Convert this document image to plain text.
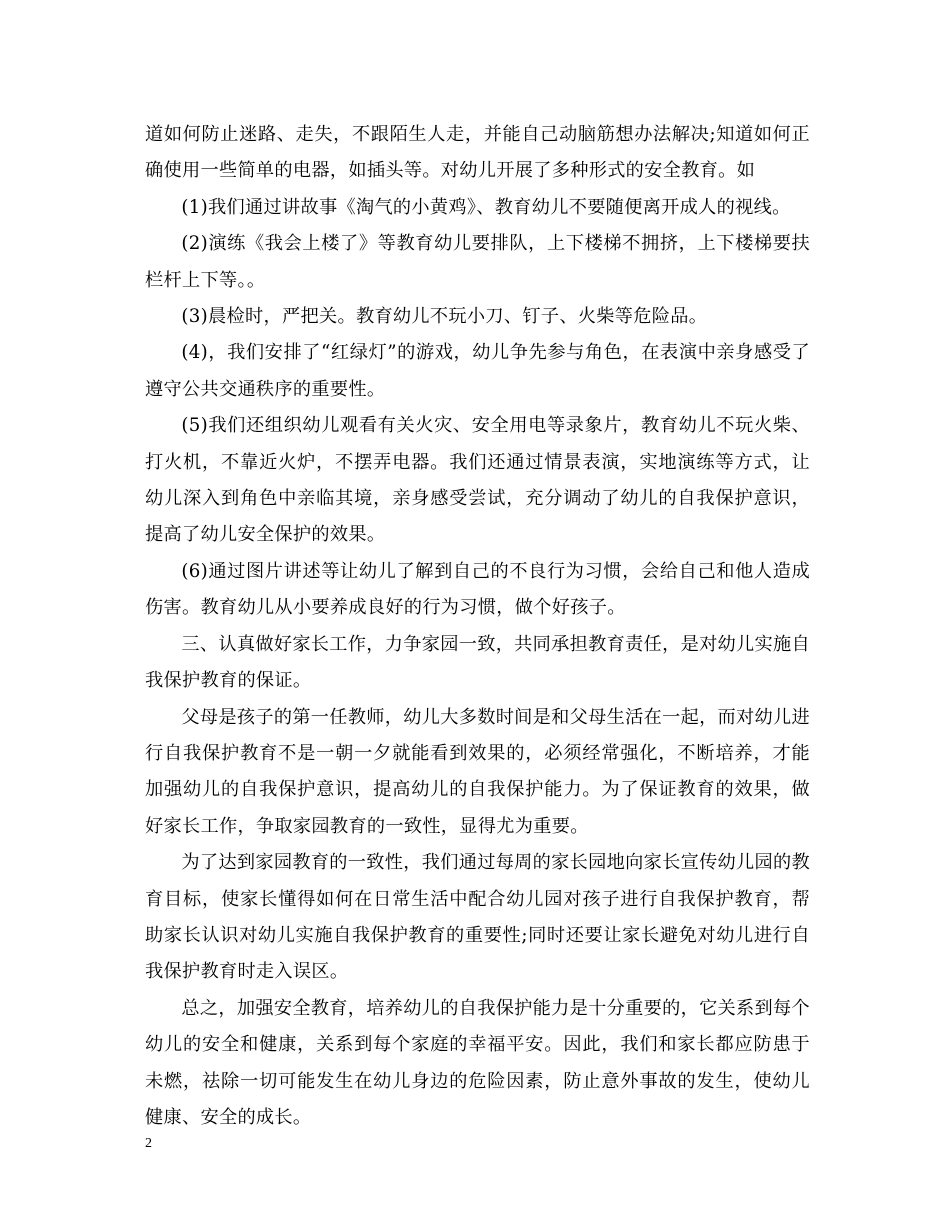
道如何防止迷路、走失，不跟陌生人走，并能自己动脑筋想办法解决;知道如何正确使用一些简单的电器，如插头等。对幼儿开展了多种形式的安全教育。如

(1)我们通过讲故事《淘气的小黄鸡》、教育幼儿不要随便离开成人的视线。

(2)演练《我会上楼了》等教育幼儿要排队，上下楼梯不拥挤，上下楼梯要扶栏杆上下等。。

(3)晨检时，严把关。教育幼儿不玩小刀、钉子、火柴等危险品。

(4)，我们安排了“红绿灯”的游戏，幼儿争先参与角色，在表演中亲身感受了遵守公共交通秩序的重要性。

(5)我们还组织幼儿观看有关火灾、安全用电等录象片，教育幼儿不玩火柴、打火机，不靠近火炉，不摆弄电器。我们还通过情景表演，实地演练等方式，让幼儿深入到角色中亲临其境，亲身感受尝试，充分调动了幼儿的自我保护意识，提高了幼儿安全保护的效果。

(6)通过图片讲述等让幼儿了解到自己的不良行为习惯，会给自己和他人造成伤害。教育幼儿从小要养成良好的行为习惯，做个好孩子。

三、认真做好家长工作，力争家园一致，共同承担教育责任，是对幼儿实施自我保护教育的保证。

父母是孩子的第一任教师，幼儿大多数时间是和父母生活在一起，而对幼儿进行自我保护教育不是一朝一夕就能看到效果的，必须经常强化，不断培养，才能加强幼儿的自我保护意识，提高幼儿的自我保护能力。为了保证教育的效果，做好家长工作，争取家园教育的一致性，显得尤为重要。

为了达到家园教育的一致性，我们通过每周的家长园地向家长宣传幼儿园的教育目标，使家长懂得如何在日常生活中配合幼儿园对孩子进行自我保护教育，帮助家长认识对幼儿实施自我保护教育的重要性;同时还要让家长避免对幼儿进行自我保护教育时走入误区。

总之，加强安全教育，培养幼儿的自我保护能力是十分重要的，它关系到每个幼儿的安全和健康，关系到每个家庭的幸福平安。因此，我们和家长都应防患于未燃，祛除一切可能发生在幼儿身边的危险因素，防止意外事故的发生，使幼儿健康、安全的成长。

2
